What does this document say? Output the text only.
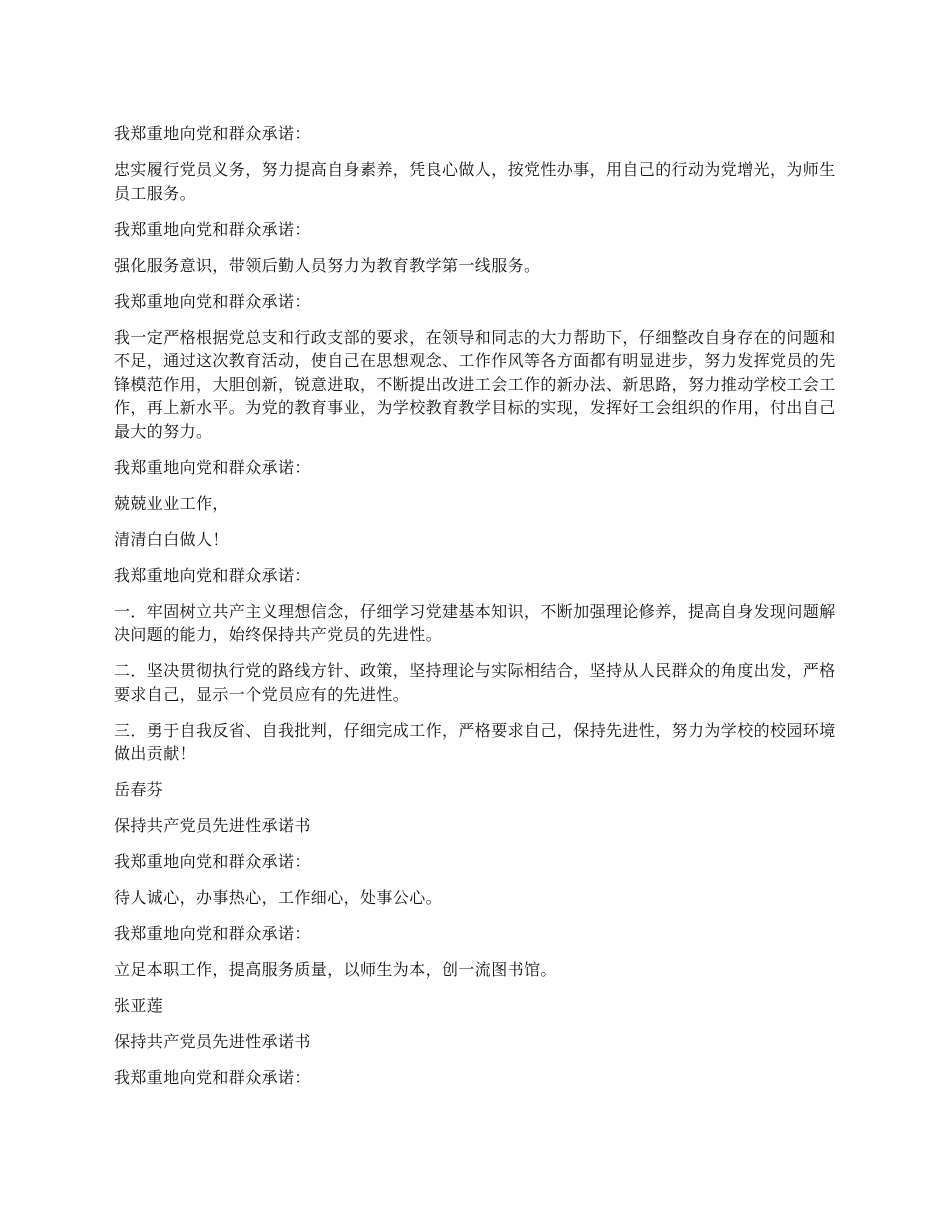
我郑重地向党和群众承诺：

忠实履行党员义务，努力提高自身素养，凭良心做人，按党性办事，用自己的行动为党增光，为师生员工服务。

我郑重地向党和群众承诺：

强化服务意识，带领后勤人员努力为教育教学第一线服务。

我郑重地向党和群众承诺：

我一定严格根据党总支和行政支部的要求，在领导和同志的大力帮助下，仔细整改自身存在的问题和不足，通过这次教育活动，使自己在思想观念、工作作风等各方面都有明显进步，努力发挥党员的先锋模范作用，大胆创新，锐意进取，不断提出改进工会工作的新办法、新思路，努力推动学校工会工作，再上新水平。为党的教育事业，为学校教育教学目标的实现，发挥好工会组织的作用，付出自己最大的努力。

我郑重地向党和群众承诺：

兢兢业业工作，

清清白白做人！

我郑重地向党和群众承诺：

一．牢固树立共产主义理想信念，仔细学习党建基本知识，不断加强理论修养，提高自身发现问题解决问题的能力，始终保持共产党员的先进性。

二．坚决贯彻执行党的路线方针、政策，坚持理论与实际相结合，坚持从人民群众的角度出发，严格要求自己，显示一个党员应有的先进性。

三．勇于自我反省、自我批判，仔细完成工作，严格要求自己，保持先进性，努力为学校的校园环境做出贡献！

岳春芬

保持共产党员先进性承诺书

我郑重地向党和群众承诺：

待人诚心，办事热心，工作细心，处事公心。

我郑重地向党和群众承诺：

立足本职工作，提高服务质量，以师生为本，创一流图书馆。

张亚莲

保持共产党员先进性承诺书

我郑重地向党和群众承诺：
